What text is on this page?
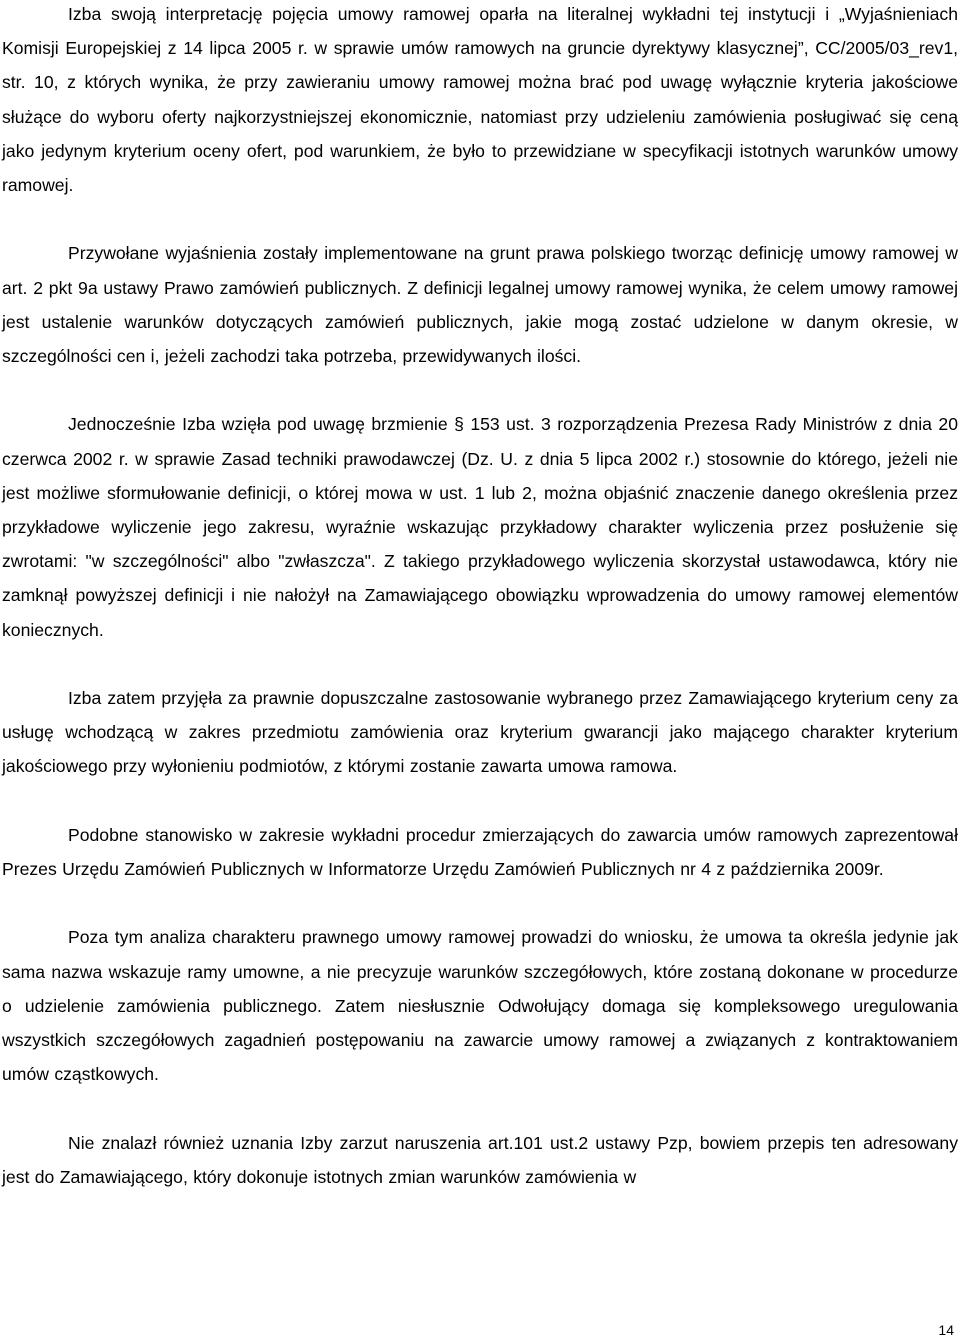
Izba swoją interpretację pojęcia umowy ramowej oparła na literalnej wykładni tej instytucji i „Wyjaśnieniach Komisji Europejskiej z 14 lipca 2005 r. w sprawie umów ramowych na gruncie dyrektywy klasycznej”, CC/2005/03_rev1, str. 10, z których wynika, że przy zawieraniu umowy ramowej można brać pod uwagę wyłącznie kryteria jakościowe służące do wyboru oferty najkorzystniejszej ekonomicznie, natomiast przy udzieleniu zamówienia posługiwać się ceną jako jedynym kryterium oceny ofert, pod warunkiem, że było to przewidziane w specyfikacji istotnych warunków umowy ramowej.

Przywołane wyjaśnienia zostały implementowane na grunt prawa polskiego tworząc definicję umowy ramowej w art. 2 pkt 9a ustawy Prawo zamówień publicznych. Z definicji legalnej umowy ramowej wynika, że celem umowy ramowej jest ustalenie warunków dotyczących zamówień publicznych, jakie mogą zostać udzielone w danym okresie, w szczególności cen i, jeżeli zachodzi taka potrzeba, przewidywanych ilości.

Jednocześnie Izba wzięła pod uwagę brzmienie § 153 ust. 3 rozporządzenia Prezesa Rady Ministrów z dnia 20 czerwca 2002 r. w sprawie Zasad techniki prawodawczej (Dz. U. z dnia 5 lipca 2002 r.) stosownie do którego, jeżeli nie jest możliwe sformułowanie definicji, o której mowa w ust. 1 lub 2, można objaśnić znaczenie danego określenia przez przykładowe wyliczenie jego zakresu, wyraźnie wskazując przykładowy charakter wyliczenia przez posłużenie się zwrotami: "w szczególności" albo "zwłaszcza". Z takiego przykładowego wyliczenia skorzystał ustawodawca, który nie zamknął powyższej definicji i nie nałożył na Zamawiającego obowiązku wprowadzenia do umowy ramowej elementów koniecznych.

Izba zatem przyjęła za prawnie dopuszczalne zastosowanie wybranego przez Zamawiającego kryterium ceny za usługę wchodzącą w zakres przedmiotu zamówienia oraz kryterium gwarancji jako mającego charakter kryterium jakościowego przy wyłonieniu podmiotów, z którymi zostanie zawarta umowa ramowa.

Podobne stanowisko w zakresie wykładni procedur zmierzających do zawarcia umów ramowych zaprezentował Prezes Urzędu Zamówień Publicznych w Informatorze Urzędu Zamówień Publicznych nr 4 z października 2009r.

Poza tym analiza charakteru prawnego umowy ramowej prowadzi do wniosku, że umowa ta określa jedynie jak sama nazwa wskazuje ramy umowne, a nie precyzuje warunków szczegółowych, które zostaną dokonane w procedurze o udzielenie zamówienia publicznego. Zatem niesłusznie Odwołujący domaga się kompleksowego uregulowania wszystkich szczegółowych zagadnień postępowaniu na zawarcie umowy ramowej a związanych z kontraktowaniem umów cząstkowych.

Nie znalazł również uznania Izby zarzut naruszenia art.101 ust.2 ustawy Pzp, bowiem przepis ten adresowany jest do Zamawiającego, który dokonuje istotnych zmian warunków zamówienia w

14
